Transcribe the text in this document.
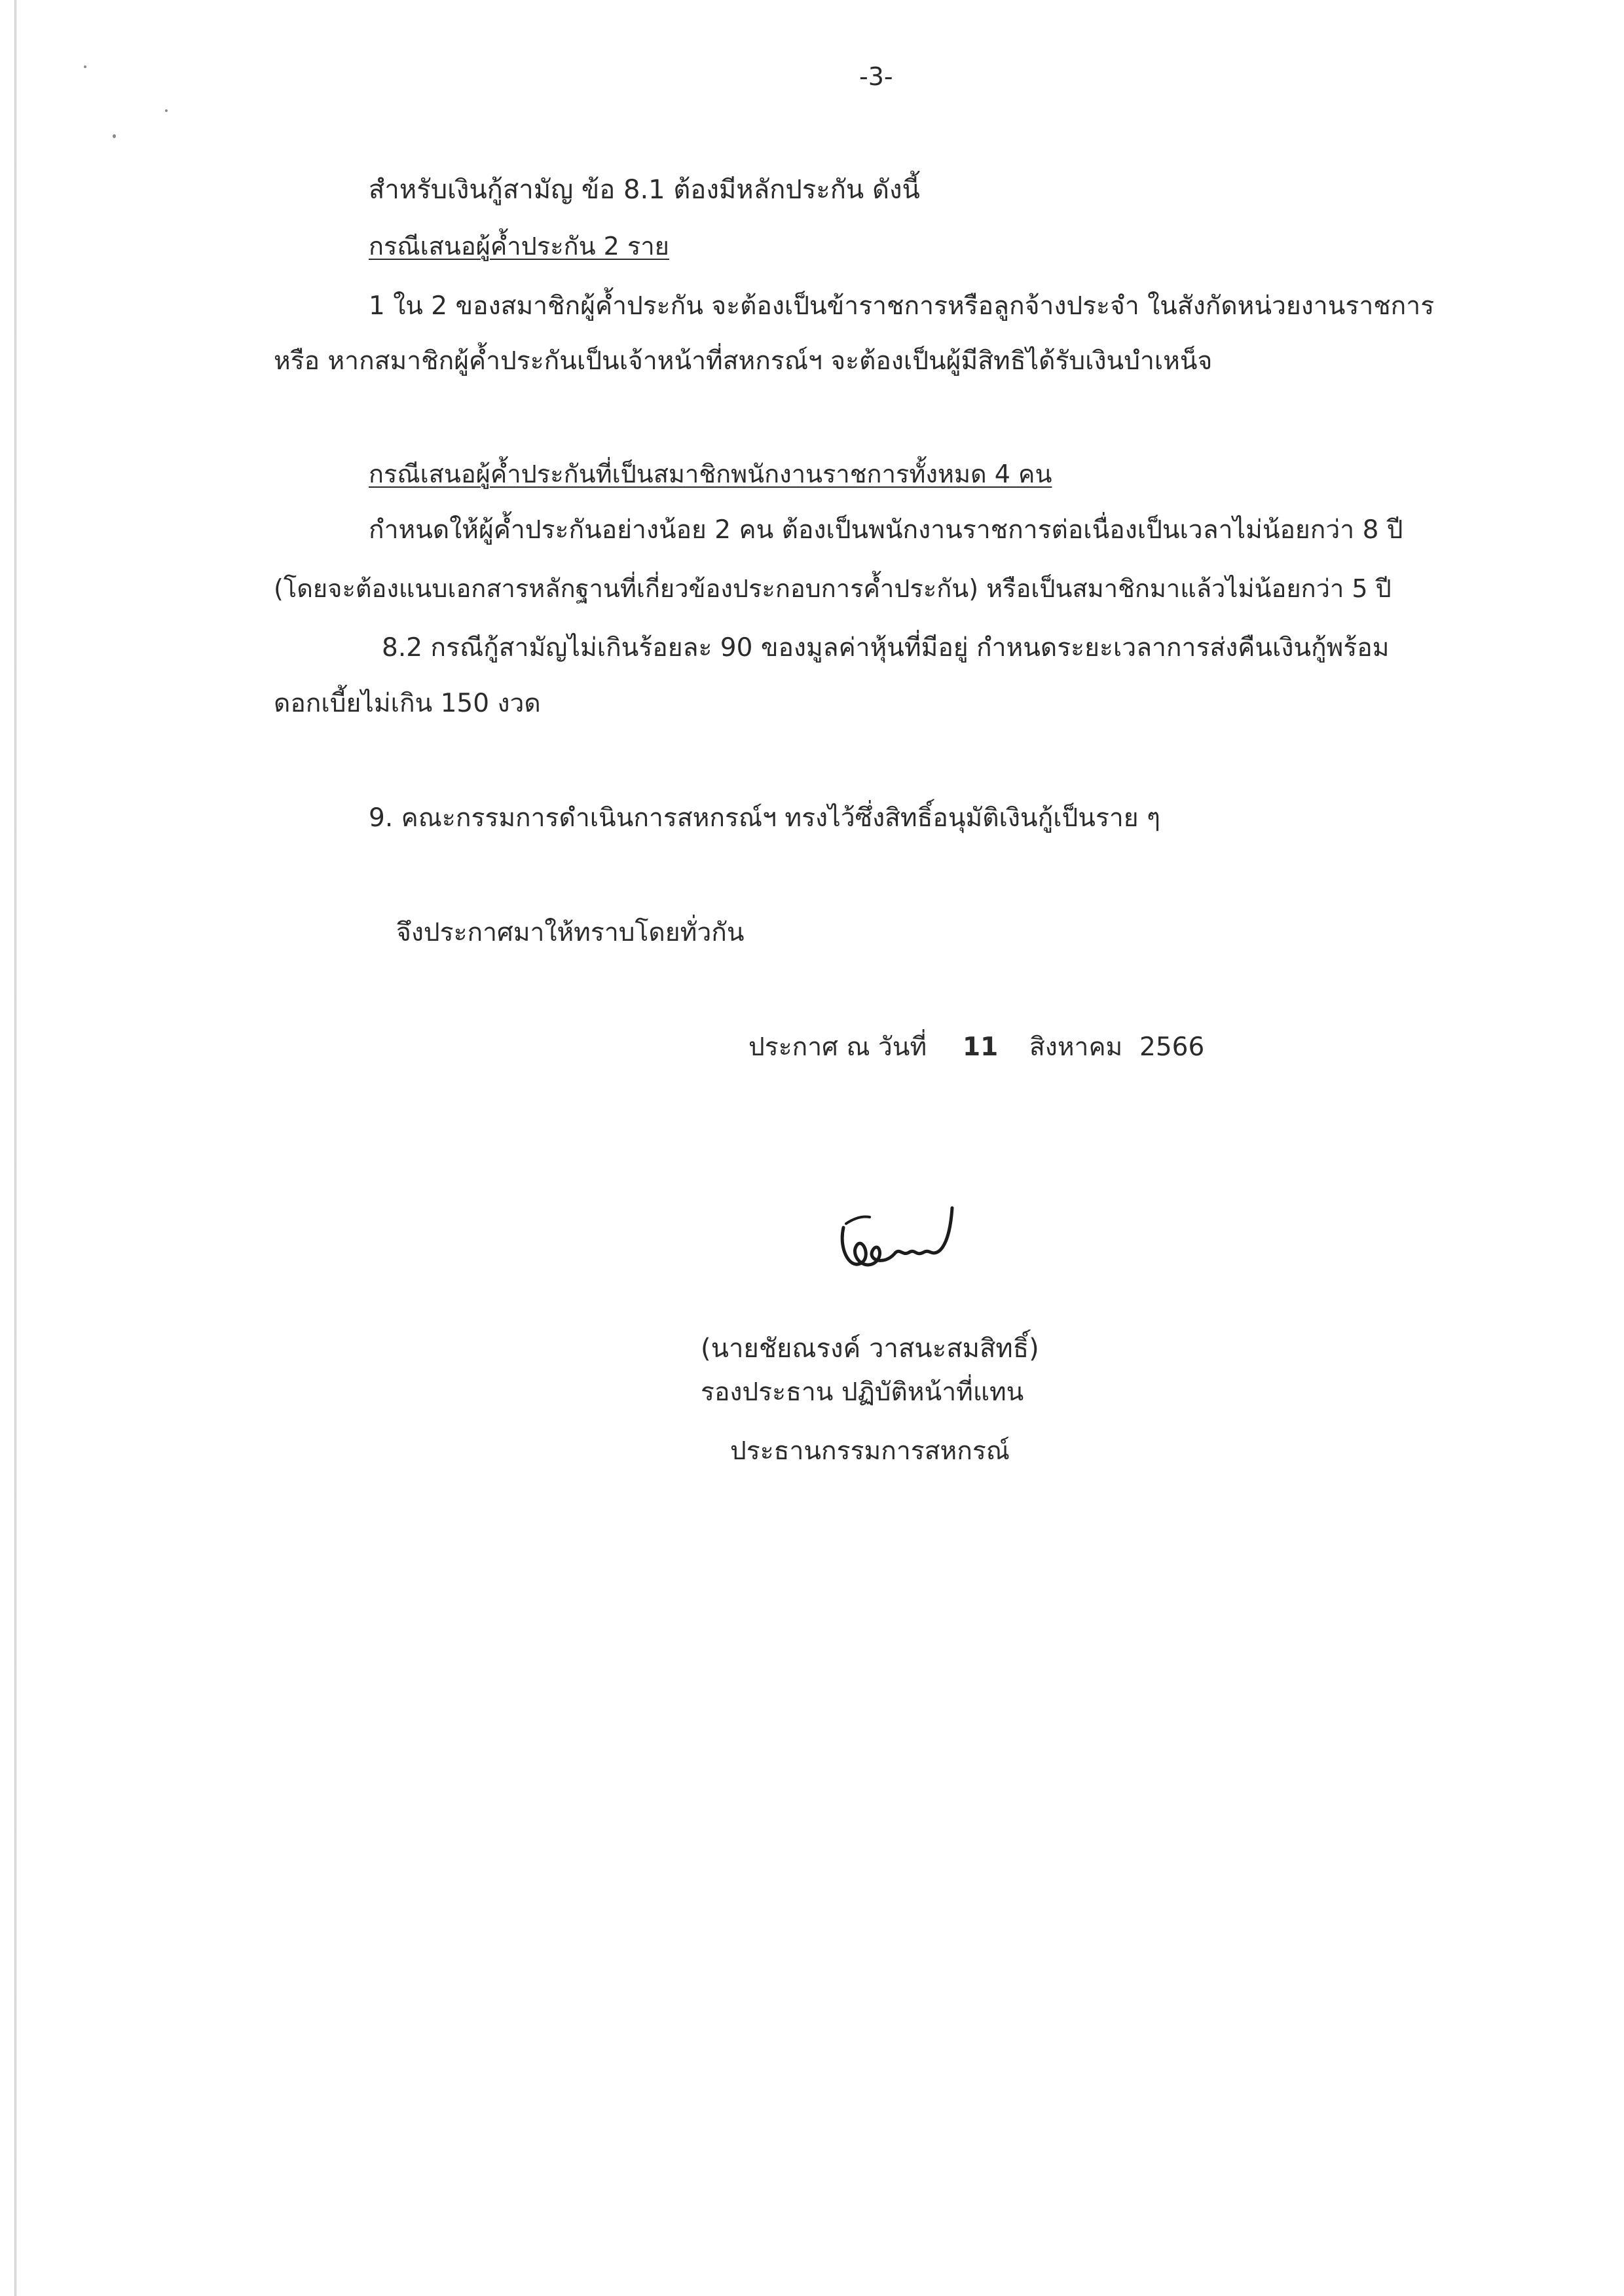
-3-
สำหรับเงินกู้สามัญ ข้อ 8.1 ต้องมีหลักประกัน ดังนี้
กรณีเสนอผู้ค้ำประกัน 2 ราย
1 ใน 2 ของสมาชิกผู้ค้ำประกัน จะต้องเป็นข้าราชการหรือลูกจ้างประจำ ในสังกัดหน่วยงานราชการ
หรือ หากสมาชิกผู้ค้ำประกันเป็นเจ้าหน้าที่สหกรณ์ฯ จะต้องเป็นผู้มีสิทธิได้รับเงินบำเหน็จ
กรณีเสนอผู้ค้ำประกันที่เป็นสมาชิกพนักงานราชการทั้งหมด 4 คน
กำหนดให้ผู้ค้ำประกันอย่างน้อย 2 คน ต้องเป็นพนักงานราชการต่อเนื่องเป็นเวลาไม่น้อยกว่า 8 ปี
(โดยจะต้องแนบเอกสารหลักฐานที่เกี่ยวข้องประกอบการค้ำประกัน) หรือเป็นสมาชิกมาแล้วไม่น้อยกว่า 5 ปี
8.2 กรณีกู้สามัญไม่เกินร้อยละ 90 ของมูลค่าหุ้นที่มีอยู่ กำหนดระยะเวลาการส่งคืนเงินกู้พร้อม
ดอกเบี้ยไม่เกิน 150 งวด
9. คณะกรรมการดำเนินการสหกรณ์ฯ ทรงไว้ซึ่งสิทธิ์อนุมัติเงินกู้เป็นราย ๆ
จึงประกาศมาให้ทราบโดยทั่วกัน
ประกาศ ณ วันที่ 11 สิงหาคม 2566
(นายชัยณรงค์ วาสนะสมสิทธิ์)
รองประธาน ปฏิบัติหน้าที่แทน
ประธานกรรมการสหกรณ์
